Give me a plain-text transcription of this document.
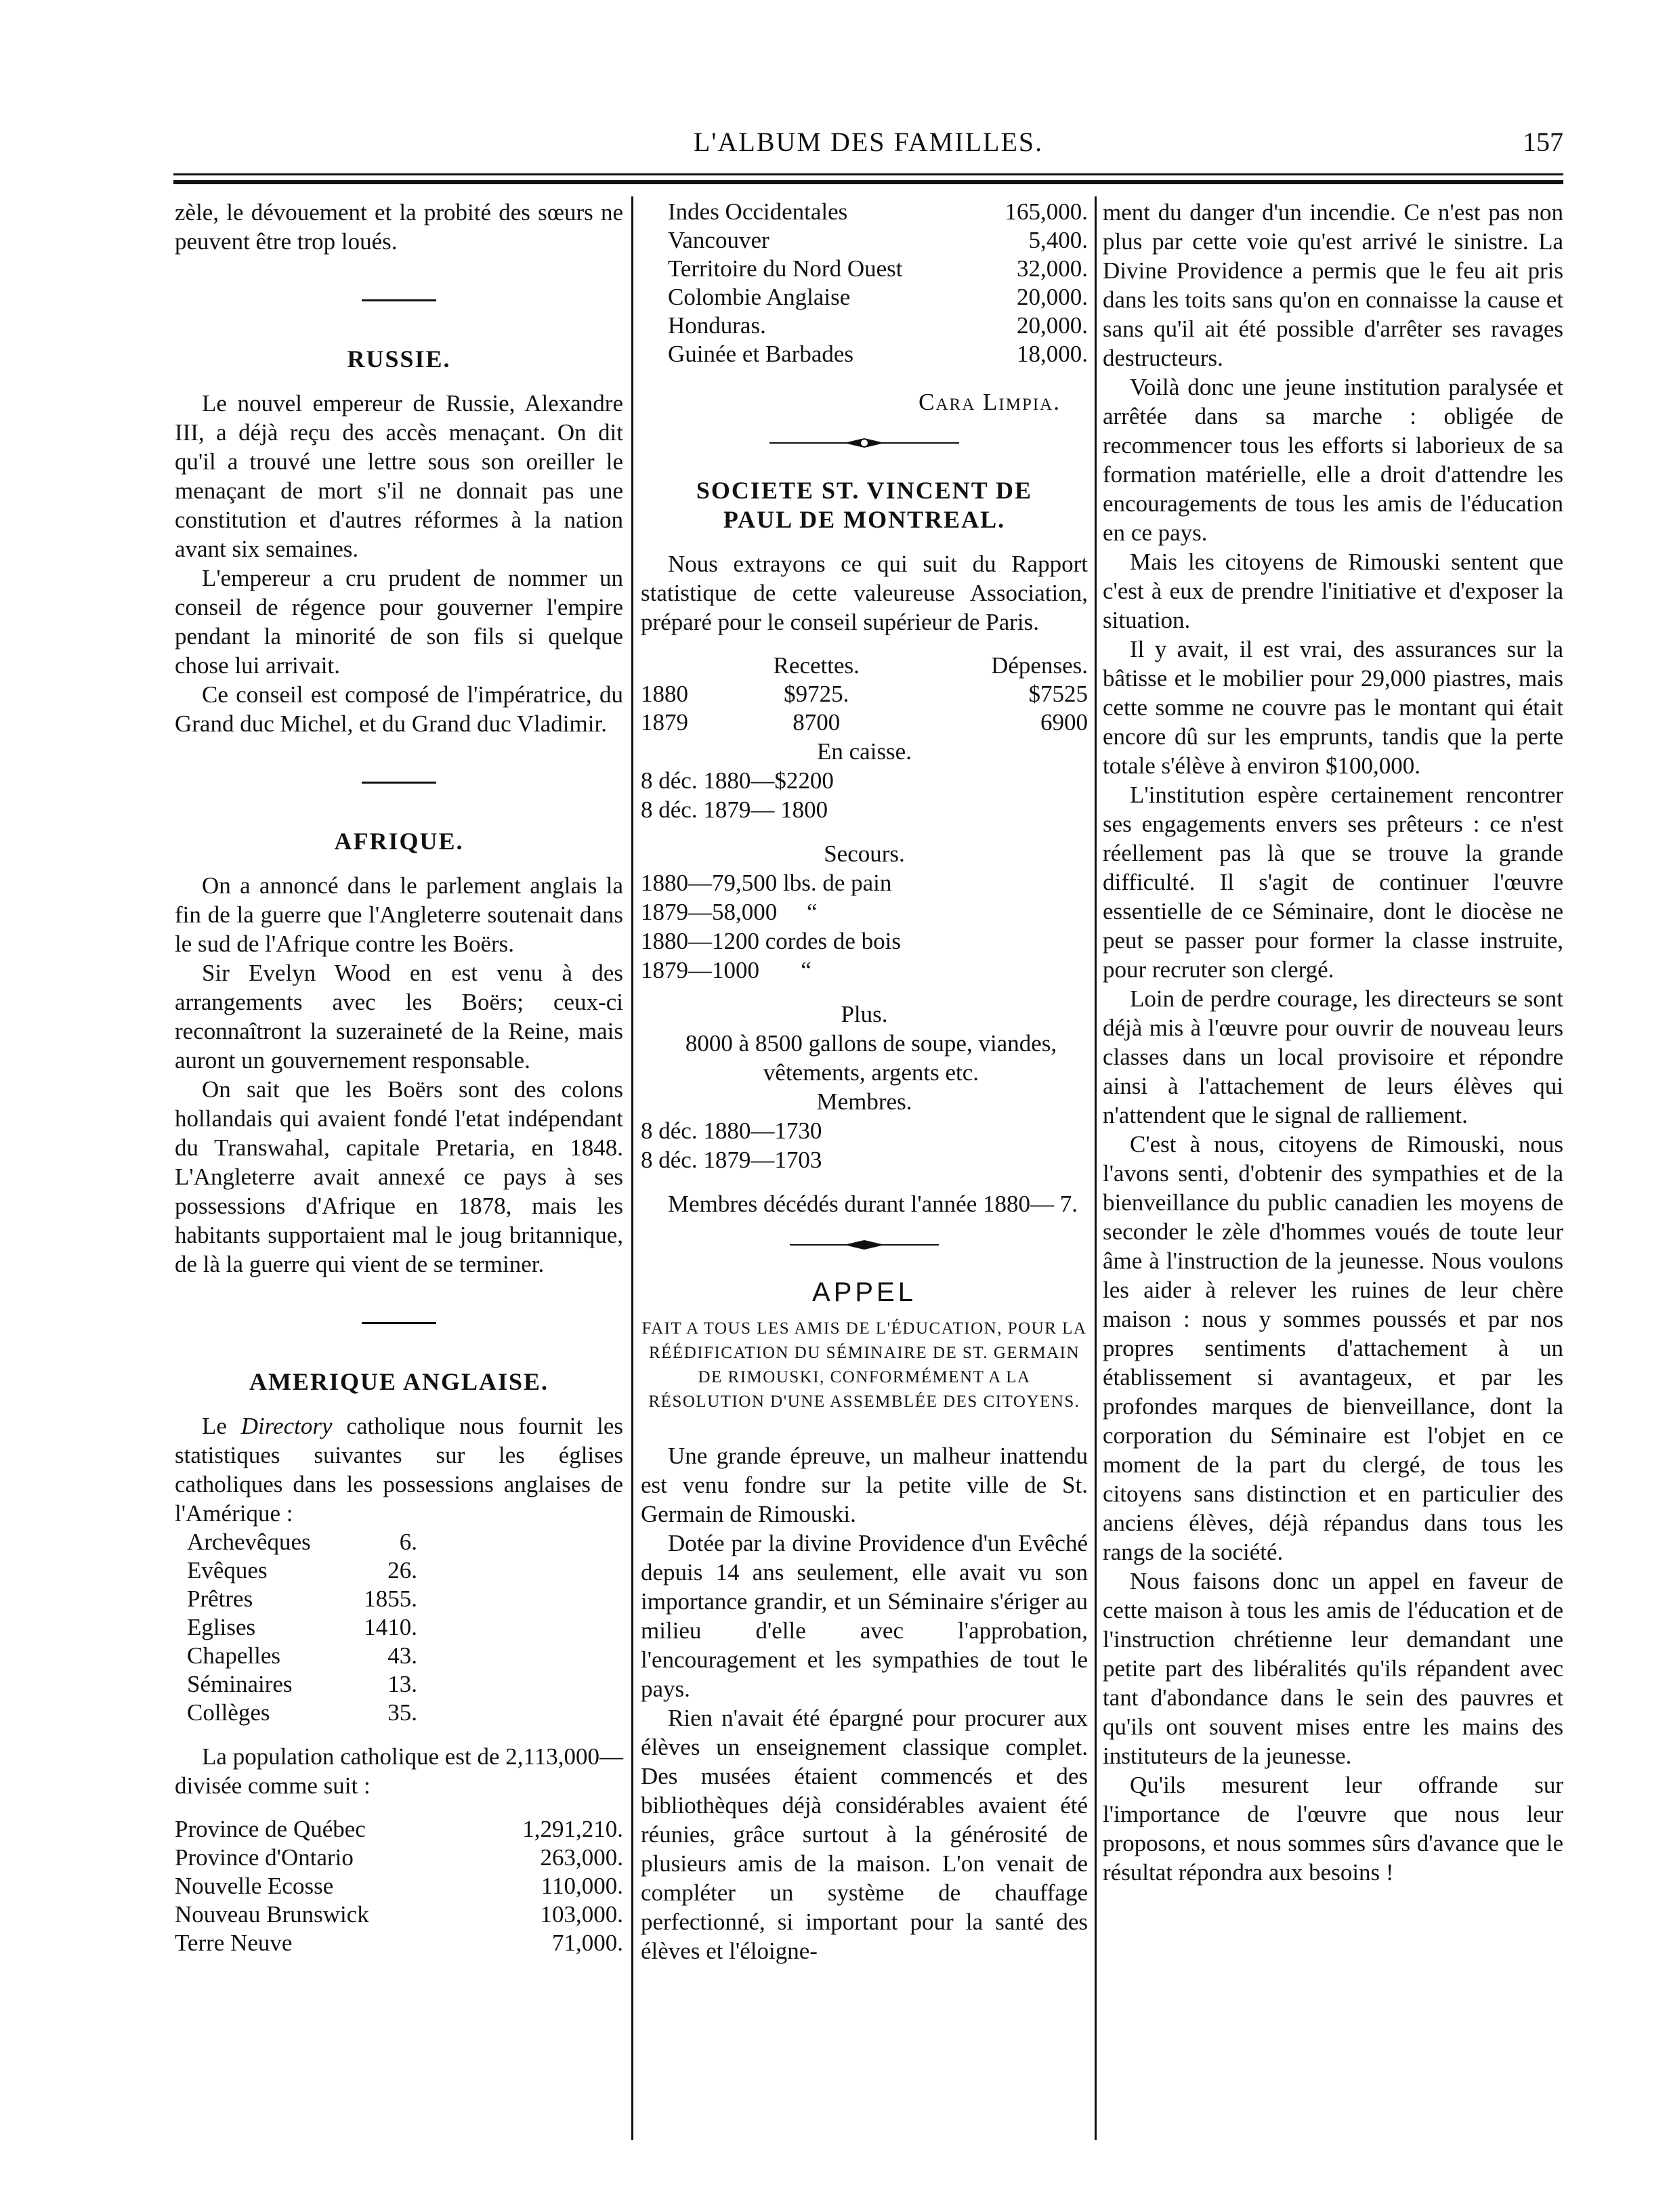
L'ALBUM DES FAMILLES.	157

zèle, le dévouement et la probité des sœurs ne peuvent être trop loués.

RUSSIE.

Le nouvel empereur de Russie, Alexandre III, a déjà reçu des accès menaçant. On dit qu'il a trouvé une lettre sous son oreiller le menaçant de mort s'il ne donnait pas une constitution et d'autres réformes à la nation avant six semaines.

L'empereur a cru prudent de nommer un conseil de régence pour gouverner l'empire pendant la minorité de son fils si quelque chose lui arrivait.

Ce conseil est composé de l'impératrice, du Grand duc Michel, et du Grand duc Vladimir.

AFRIQUE.

On a annoncé dans le parlement anglais la fin de la guerre que l'Angleterre soutenait dans le sud de l'Afrique contre les Boërs.

Sir Evelyn Wood en est venu à des arrangements avec les Boërs; ceux-ci reconnaîtront la suzeraineté de la Reine, mais auront un gouvernement responsable.

On sait que les Boërs sont des colons hollandais qui avaient fondé l'etat indépendant du Transwahal, capitale Pretaria, en 1848. L'Angleterre avait annexé ce pays à ses possessions d'Afrique en 1878, mais les habitants supportaient mal le joug britannique, de là la guerre qui vient de se terminer.

AMERIQUE ANGLAISE.

Le Directory catholique nous fournit les statistiques suivantes sur les églises catholiques dans les possessions anglaises de l'Amérique :

Archevêques	6.
Evêques	26.
Prêtres	1855.
Eglises	1410.
Chapelles	43.
Séminaires	13.
Collèges	35.

La population catholique est de 2,113,000— divisée comme suit :

Province de Québec	1,291,210.
Province d'Ontario	263,000.
Nouvelle Ecosse	110,000.
Nouveau Brunswick	103,000.
Terre Neuve	71,000.
Indes Occidentales	165,000.
Vancouver	5,400.
Territoire du Nord Ouest	32,000.
Colombie Anglaise	20,000.
Honduras.	20,000.
Guinée et Barbades	18,000.

Cara Limpia.

SOCIETE ST. VINCENT DE
PAUL DE MONTREAL.

Nous extrayons ce qui suit du Rapport statistique de cette valeureuse Association, préparé pour le conseil supérieur de Paris.

	Recettes.	Dépenses.
1880	$9725.	$7525
1879	8700	6900

En caisse.

8 déc. 1880—$2200
8 déc. 1879— 1800

Secours.

1880—79,500 lbs. de pain
1879—58,000     “
1880—1200 cordes de bois
1879—1000       “

Plus.

8000 à 8500 gallons de soupe, viandes, vêtements, argents etc.

Membres.

8 déc. 1880—1730
8 déc. 1879—1703

Membres décédés durant l'année 1880— 7.

APPEL
FAIT A TOUS LES AMIS DE L'ÉDUCATION, POUR LA RÉÉDIFICATION DU SÉMINAIRE DE ST. GERMAIN DE RIMOUSKI, CONFORMÉMENT A LA RÉSOLUTION D'UNE ASSEMBLÉE DES CITOYENS.

Une grande épreuve, un malheur inattendu est venu fondre sur la petite ville de St. Germain de Rimouski.

Dotée par la divine Providence d'un Evêché depuis 14 ans seulement, elle avait vu son importance grandir, et un Séminaire s'ériger au milieu d'elle avec l'approbation, l'encouragement et les sympathies de tout le pays.

Rien n'avait été épargné pour procurer aux élèves un enseignement classique complet. Des musées étaient commencés et des bibliothèques déjà considérables avaient été réunies, grâce surtout à la générosité de plusieurs amis de la maison. L'on venait de compléter un système de chauffage perfectionné, si important pour la santé des élèves et l'éloigne-

ment du danger d'un incendie. Ce n'est pas non plus par cette voie qu'est arrivé le sinistre. La Divine Providence a permis que le feu ait pris dans les toits sans qu'on en connaisse la cause et sans qu'il ait été possible d'arrêter ses ravages destructeurs.

Voilà donc une jeune institution paralysée et arrêtée dans sa marche : obligée de recommencer tous les efforts si laborieux de sa formation matérielle, elle a droit d'attendre les encouragements de tous les amis de l'éducation en ce pays.

Mais les citoyens de Rimouski sentent que c'est à eux de prendre l'initiative et d'exposer la situation.

Il y avait, il est vrai, des assurances sur la bâtisse et le mobilier pour 29,000 piastres, mais cette somme ne couvre pas le montant qui était encore dû sur les emprunts, tandis que la perte totale s'élève à environ $100,000.

L'institution espère certainement rencontrer ses engagements envers ses prêteurs : ce n'est réellement pas là que se trouve la grande difficulté. Il s'agit de continuer l'œuvre essentielle de ce Séminaire, dont le diocèse ne peut se passer pour former la classe instruite, pour recruter son clergé.

Loin de perdre courage, les directeurs se sont déjà mis à l'œuvre pour ouvrir de nouveau leurs classes dans un local provisoire et répondre ainsi à l'attachement de leurs élèves qui n'attendent que le signal de ralliement.

C'est à nous, citoyens de Rimouski, nous l'avons senti, d'obtenir des sympathies et de la bienveillance du public canadien les moyens de seconder le zèle d'hommes voués de toute leur âme à l'instruction de la jeunesse. Nous voulons les aider à relever les ruines de leur chère maison : nous y sommes poussés et par nos propres sentiments d'attachement à un établissement si avantageux, et par les profondes marques de bienveillance, dont la corporation du Séminaire est l'objet en ce moment de la part du clergé, de tous les citoyens sans distinction et en particulier des anciens élèves, déjà répandus dans tous les rangs de la société.

Nous faisons donc un appel en faveur de cette maison à tous les amis de l'éducation et de l'instruction chrétienne leur demandant une petite part des libéralités qu'ils répandent avec tant d'abondance dans le sein des pauvres et qu'ils ont souvent mises entre les mains des instituteurs de la jeunesse.

Qu'ils mesurent leur offrande sur l'importance de l'œuvre que nous leur proposons, et nous sommes sûrs d'avance que le résultat répondra aux besoins !
